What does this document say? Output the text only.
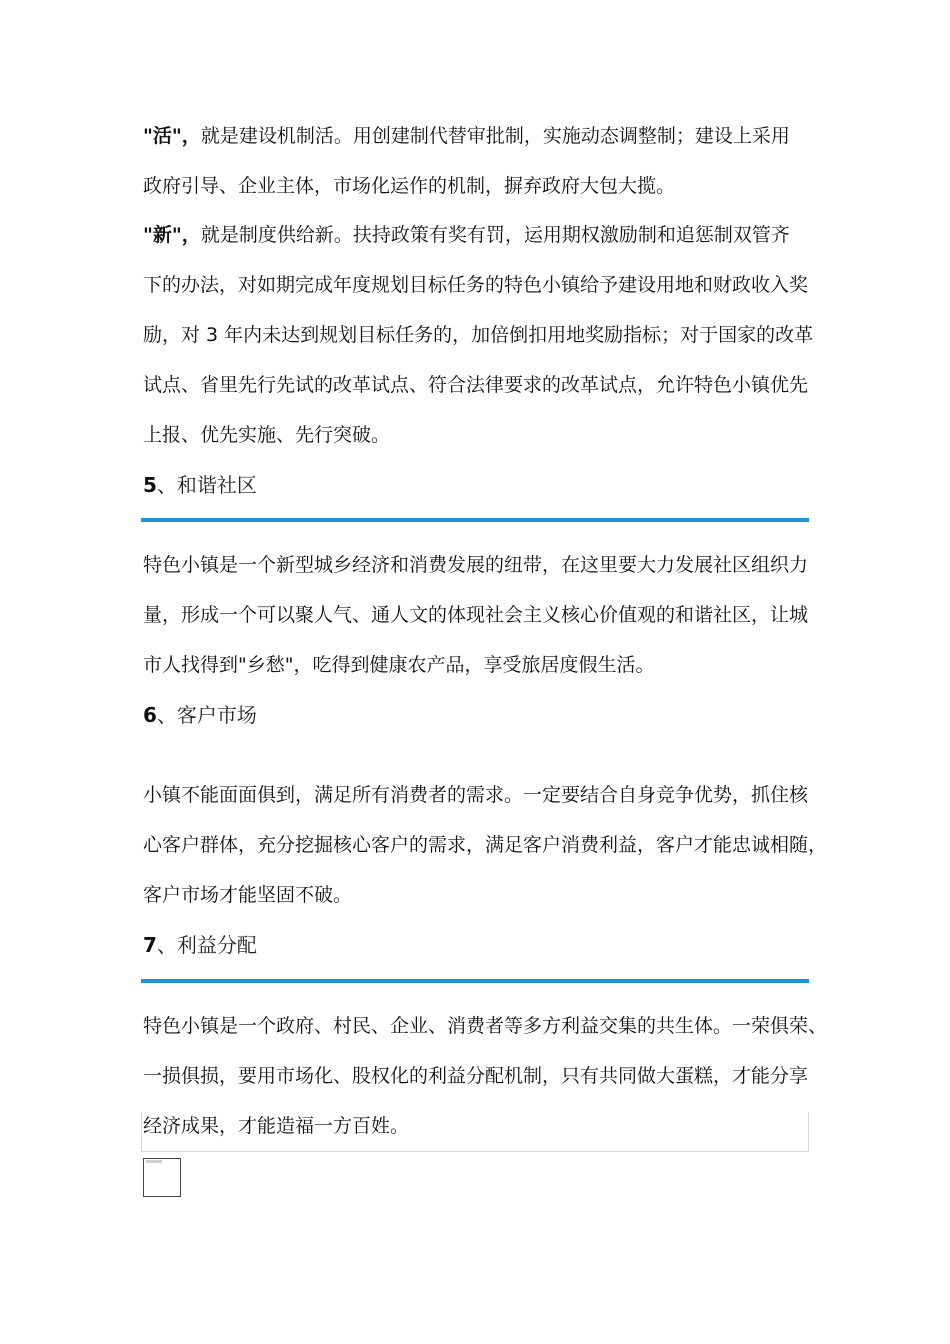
"活"，就是建设机制活。用创建制代替审批制，实施动态调整制；建设上采用
政府引导、企业主体，市场化运作的机制，摒弃政府大包大揽。
"新"，就是制度供给新。扶持政策有奖有罚，运用期权激励制和追惩制双管齐
下的办法，对如期完成年度规划目标任务的特色小镇给予建设用地和财政收入奖
励，对 3 年内未达到规划目标任务的，加倍倒扣用地奖励指标；对于国家的改革
试点、省里先行先试的改革试点、符合法律要求的改革试点，允许特色小镇优先
上报、优先实施、先行突破。
5、和谐社区
特色小镇是一个新型城乡经济和消费发展的纽带，在这里要大力发展社区组织力
量，形成一个可以聚人气、通人文的体现社会主义核心价值观的和谐社区，让城
市人找得到"乡愁"，吃得到健康农产品，享受旅居度假生活。
6、客户市场
小镇不能面面俱到，满足所有消费者的需求。一定要结合自身竞争优势，抓住核
心客户群体，充分挖掘核心客户的需求，满足客户消费利益，客户才能忠诚相随，
客户市场才能坚固不破。
7、利益分配
特色小镇是一个政府、村民、企业、消费者等多方利益交集的共生体。一荣俱荣、
一损俱损，要用市场化、股权化的利益分配机制，只有共同做大蛋糕，才能分享
经济成果，才能造福一方百姓。
